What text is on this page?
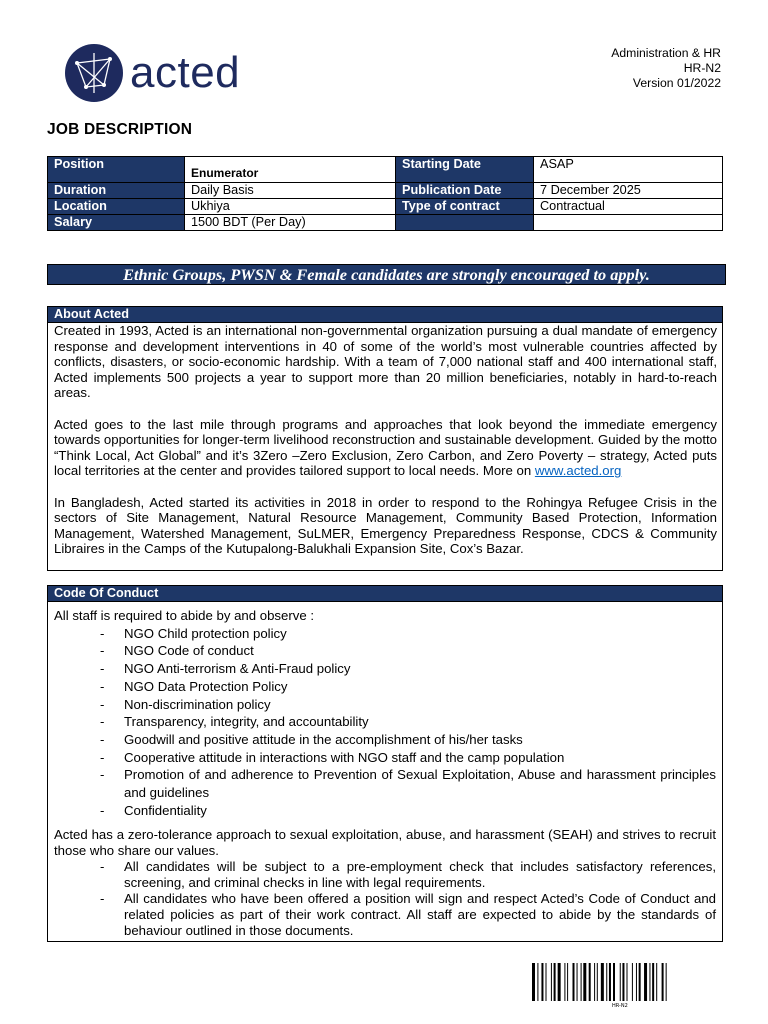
acted	Administration & HR
HR-N2
Version 01/2022
JOB DESCRIPTION
Position	Enumerator	Starting Date	ASAP
Duration	Daily Basis	Publication Date	7 December 2025
Location	Ukhiya	Type of contract	Contractual
Salary	1500 BDT (Per Day)		
Ethnic Groups, PWSN & Female candidates are strongly encouraged to apply.
About Acted

Created in 1993, Acted is an international non-governmental organization pursuing a dual mandate of emergency response and development interventions in 40 of some of the world’s most vulnerable countries affected by conflicts, disasters, or socio-economic hardship. With a team of 7,000 national staff and 400 international staff, Acted implements 500 projects a year to support more than 20 million beneficiaries, notably in hard-to-reach areas.

Acted goes to the last mile through programs and approaches that look beyond the immediate emergency towards opportunities for longer-term livelihood reconstruction and sustainable development. Guided by the motto “Think Local, Act Global” and it’s 3Zero –Zero Exclusion, Zero Carbon, and Zero Poverty – strategy, Acted puts local territories at the center and provides tailored support to local needs. More on www.acted.org

In Bangladesh, Acted started its activities in 2018 in order to respond to the Rohingya Refugee Crisis in the sectors of Site Management, Natural Resource Management, Community Based Protection, Information Management, Watershed Management, SuLMER, Emergency Preparedness Response, CDCS & Community Libraires in the Camps of the Kutupalong-Balukhali Expansion Site, Cox’s Bazar.

Code Of Conduct
All staff is required to abide by and observe :
- NGO Child protection policy
- NGO Code of conduct
- NGO Anti-terrorism & Anti-Fraud policy
- NGO Data Protection Policy
- Non-discrimination policy
- Transparency, integrity, and accountability
- Goodwill and positive attitude in the accomplishment of his/her tasks
- Cooperative attitude in interactions with NGO staff and the camp population
- Promotion of and adherence to Prevention of Sexual Exploitation, Abuse and harassment principles and guidelines
- Confidentiality

Acted has a zero-tolerance approach to sexual exploitation, abuse, and harassment (SEAH) and strives to recruit those who share our values.

- All candidates will be subject to a pre-employment check that includes satisfactory references, screening, and criminal checks in line with legal requirements.
- All candidates who have been offered a position will sign and respect Acted’s Code of Conduct and related policies as part of their work contract. All staff are expected to abide by the standards of behaviour outlined in those documents.
HR-N2
